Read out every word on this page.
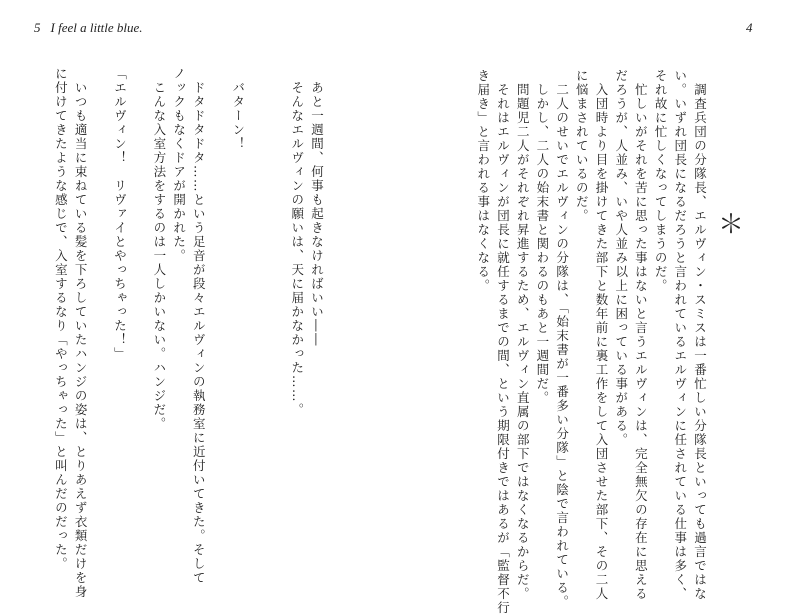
5 I feel a little blue.	4
＊
　調査兵団の分隊長、エルヴィン・スミスは一番忙しい分隊長といっても過言ではな
い。いずれ団長になるだろうと言われているエルヴィンに任されている仕事は多く、
それ故に忙しくなってしまうのだ。
　忙しいがそれを苦に思った事はないと言うエルヴィンは、完全無欠の存在に思える
だろうが、人並み、いや人並み以上に困っている事がある。
　入団時より目を掛けてきた部下と数年前に裏工作をして入団させた部下、その二人
に悩まされているのだ。
　二人のせいでエルヴィンの分隊は、「始末書が一番多い分隊」と陰で言われている。
　しかし、二人の始末書と関わるのもあと一週間だ。
　問題児二人がそれぞれ昇進するため、エルヴィン直属の部下ではなくなるからだ。
　それはエルヴィンが団長に就任するまでの間、という期限付きではあるが「監督不行
き届き」と言われる事はなくなる。
　あと一週間、何事も起きなければいい――
　そんなエルヴィンの願いは、天に届かなかった……。
　バターン！
　ドタドタドタ……という足音が段々エルヴィンの執務室に近付いてきた。そして
ノックもなくドアが開かれた。
　こんな入室方法をするのは一人しかいない。ハンジだ。
「エルヴィン！　リヴァイとやっちゃった！」
　いつも適当に束ねている髪を下ろしていたハンジの姿は、とりあえず衣類だけを身
に付けてきたような感じで、入室するなり「やっちゃった」と叫んだのだった。
